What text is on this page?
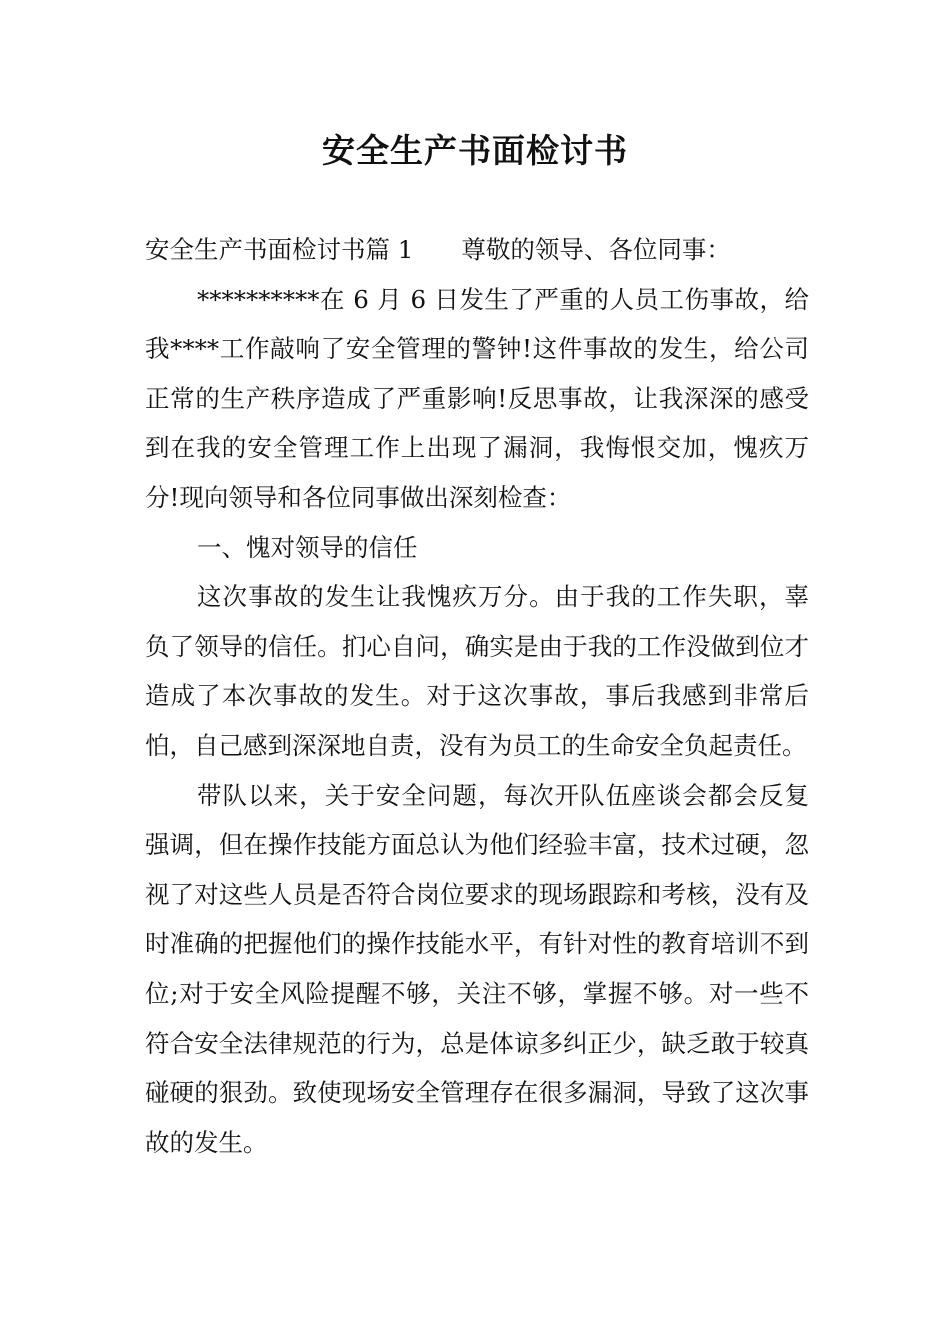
安全生产书面检讨书

安全生产书面检讨书篇 1 尊敬的领导、各位同事：

**********在 6 月 6 日发生了严重的人员工伤事故，给我****工作敲响了安全管理的警钟!这件事故的发生，给公司正常的生产秩序造成了严重影响!反思事故，让我深深的感受到在我的安全管理工作上出现了漏洞，我悔恨交加，愧疚万分!现向领导和各位同事做出深刻检查：

一、愧对领导的信任

这次事故的发生让我愧疚万分。由于我的工作失职，辜负了领导的信任。扪心自问，确实是由于我的工作没做到位才造成了本次事故的发生。对于这次事故，事后我感到非常后怕，自己感到深深地自责，没有为员工的生命安全负起责任。

带队以来，关于安全问题，每次开队伍座谈会都会反复强调，但在操作技能方面总认为他们经验丰富，技术过硬，忽视了对这些人员是否符合岗位要求的现场跟踪和考核，没有及时准确的把握他们的操作技能水平，有针对性的教育培训不到位;对于安全风险提醒不够，关注不够，掌握不够。对一些不符合安全法律规范的行为，总是体谅多纠正少，缺乏敢于较真碰硬的狠劲。致使现场安全管理存在很多漏洞，导致了这次事故的发生。
